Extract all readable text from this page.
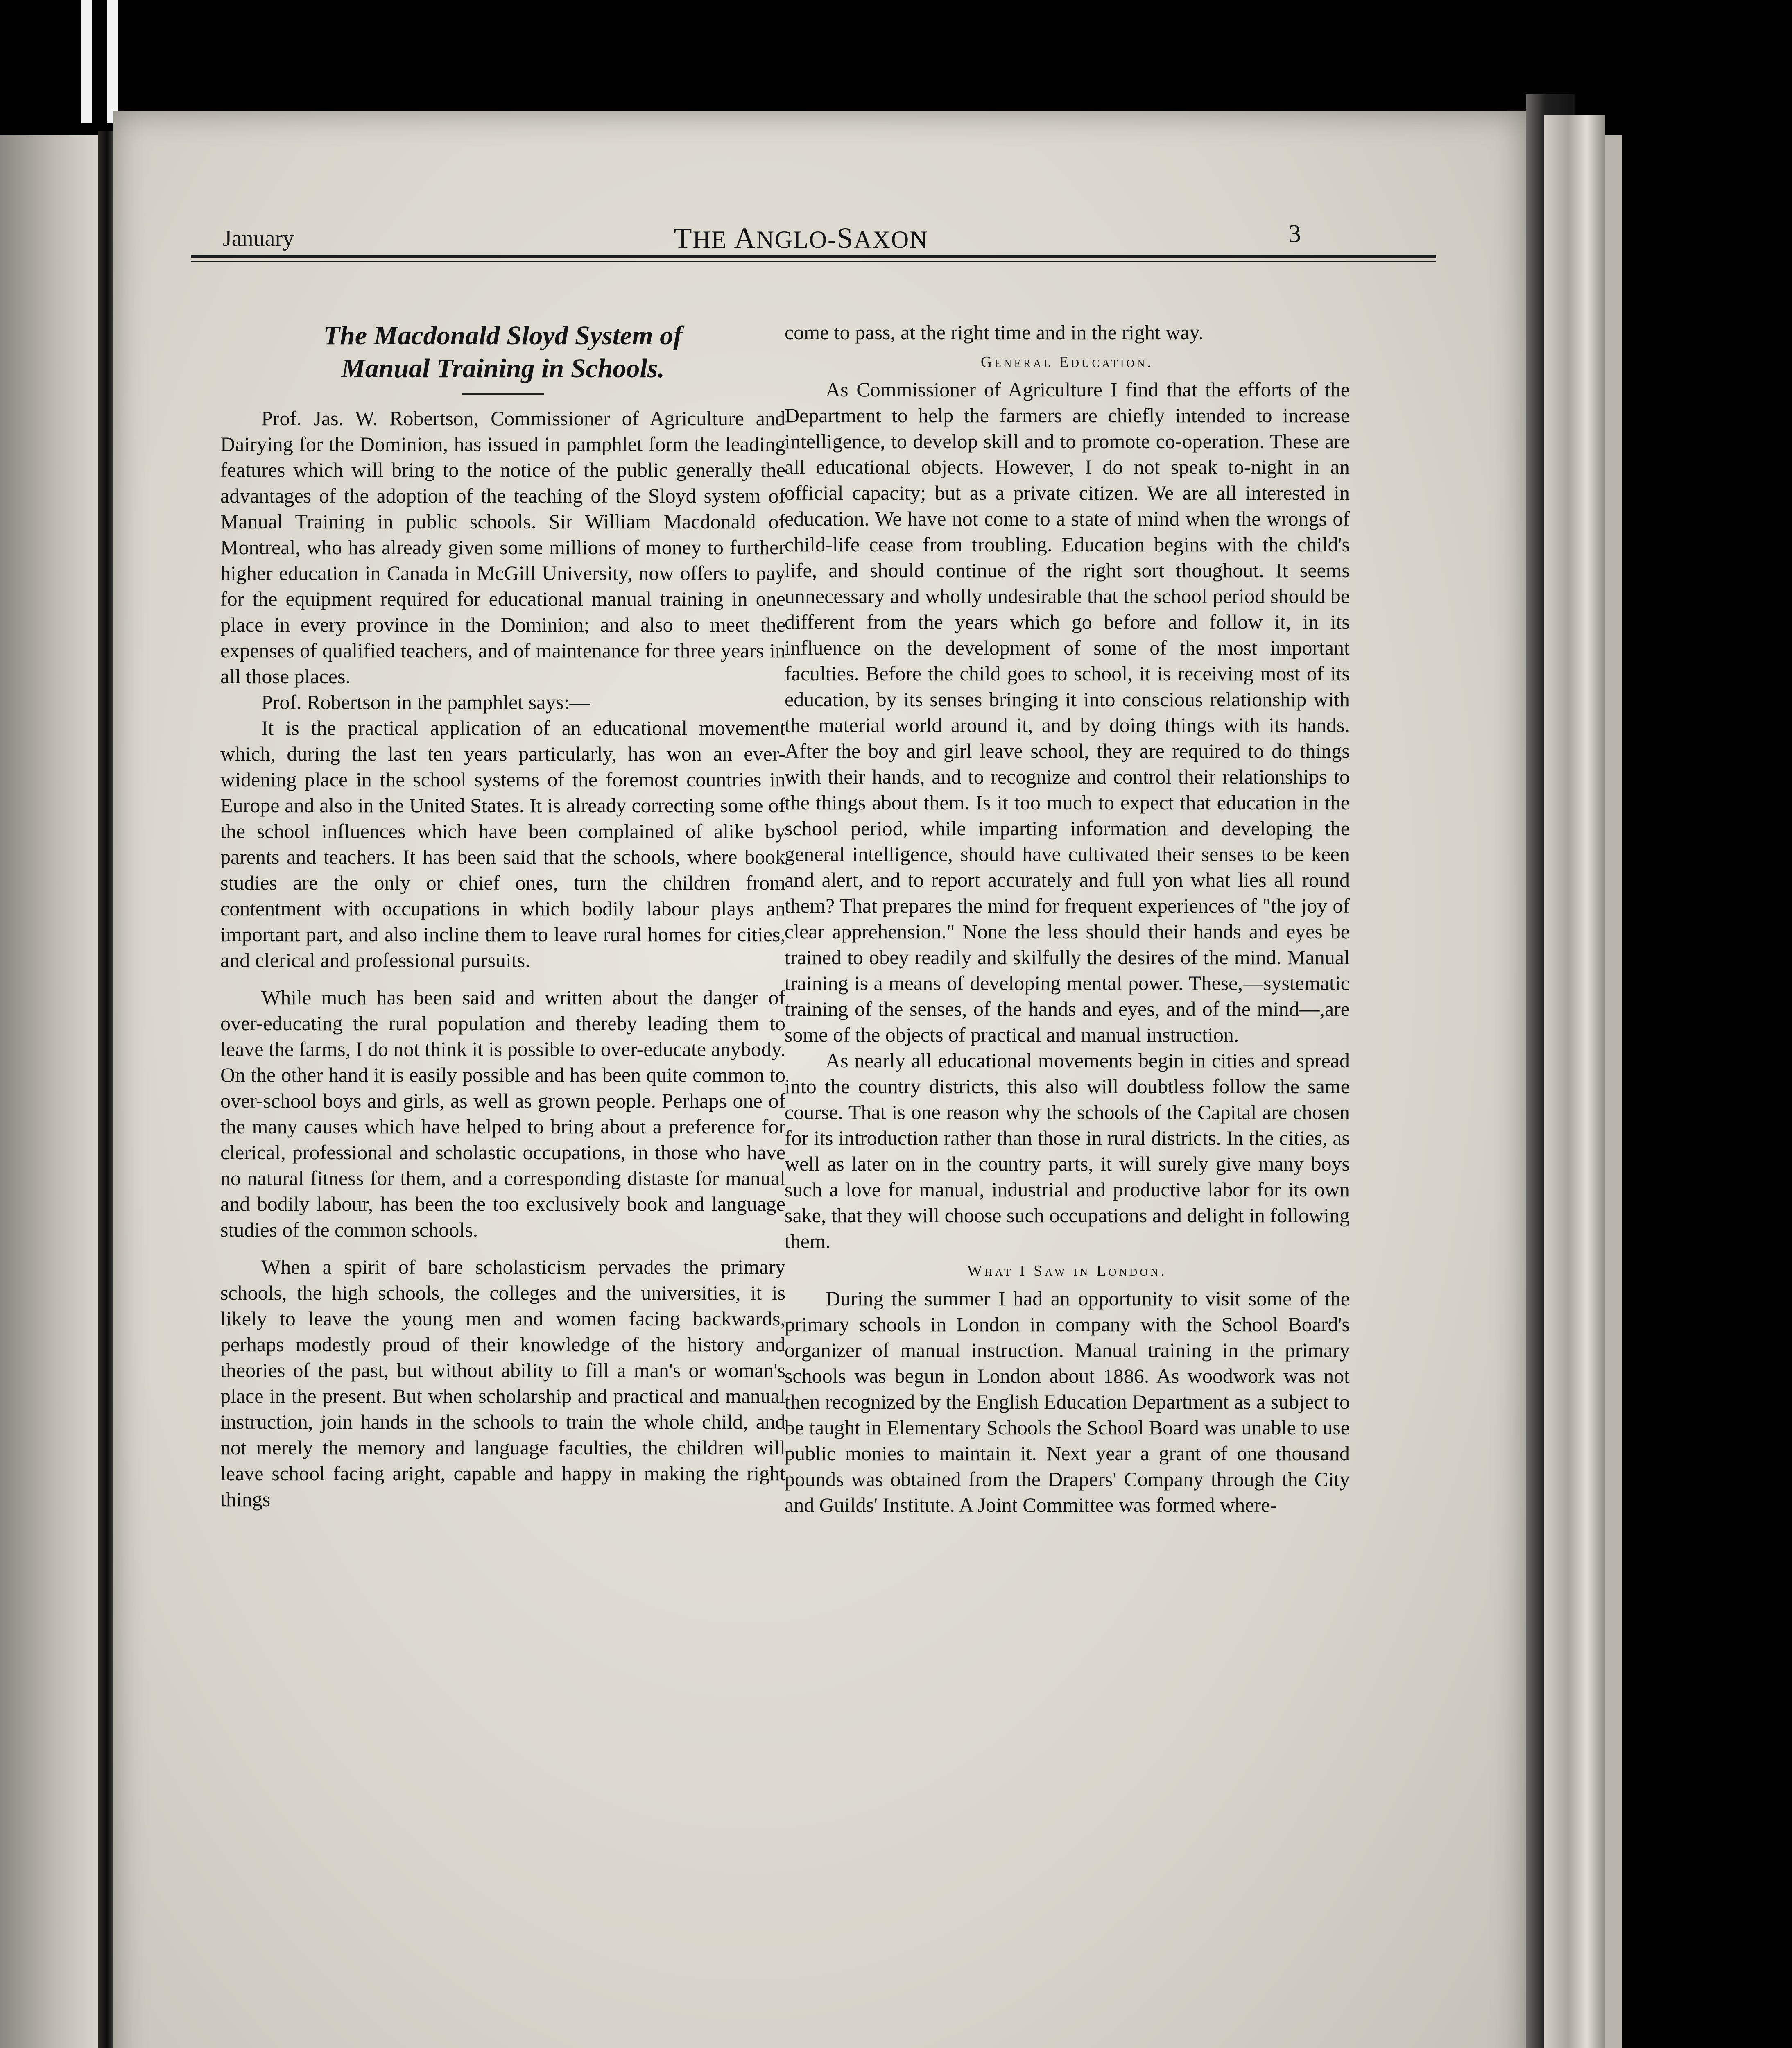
January	THE ANGLO-SAXON	3
The Macdonald Sloyd System of
Manual Training in Schools.

Prof. Jas. W. Robertson, Commissioner of Agriculture and Dairying for the Dominion, has issued in pamphlet form the leading features which will bring to the notice of the public generally the advantages of the adoption of the teaching of the Sloyd system of Manual Training in public schools. Sir William Macdonald of Montreal, who has already given some millions of money to further higher education in Canada in McGill University, now offers to pay for the equipment required for educational manual training in one place in every province in the Dominion; and also to meet the expenses of qualified teachers, and of maintenance for three years in all those places.

Prof. Robertson in the pamphlet says:—

It is the practical application of an educational movement which, during the last ten years particularly, has won an ever-widening place in the school systems of the foremost countries in Europe and also in the United States. It is already correcting some of the school influences which have been complained of alike by parents and teachers. It has been said that the schools, where book studies are the only or chief ones, turn the children from contentment with occupations in which bodily labour plays an important part, and also incline them to leave rural homes for cities, and clerical and professional pursuits.

While much has been said and written about the danger of over-educating the rural population and thereby leading them to leave the farms, I do not think it is possible to over-educate anybody. On the other hand it is easily possible and has been quite common to over-school boys and girls, as well as grown people. Perhaps one of the many causes which have helped to bring about a preference for clerical, professional and scholastic occupations, in those who have no natural fitness for them, and a corresponding distaste for manual and bodily labour, has been the too exclusively book and language studies of the common schools.

When a spirit of bare scholasticism pervades the primary schools, the high schools, the colleges and the universities, it is likely to leave the young men and women facing backwards, perhaps modestly proud of their knowledge of the history and theories of the past, but without ability to fill a man's or woman's place in the present. But when scholarship and practical and manual instruction, join hands in the schools to train the whole child, and not merely the memory and language faculties, the children will leave school facing aright, capable and happy in making the right things

come to pass, at the right time and in the right way.

General Education.

As Commissioner of Agriculture I find that the efforts of the Department to help the farmers are chiefly intended to increase intelligence, to develop skill and to promote co-operation. These are all educational objects. However, I do not speak to-night in an official capacity; but as a private citizen. We are all interested in education. We have not come to a state of mind when the wrongs of child-life cease from troubling. Education begins with the child's life, and should continue of the right sort thoughout. It seems unnecessary and wholly undesirable that the school period should be different from the years which go before and follow it, in its influence on the development of some of the most important faculties. Before the child goes to school, it is receiving most of its education, by its senses bringing it into conscious relationship with the material world around it, and by doing things with its hands. After the boy and girl leave school, they are required to do things with their hands, and to recognize and control their relationships to the things about them. Is it too much to expect that education in the school period, while imparting information and developing the general intelligence, should have cultivated their senses to be keen and alert, and to report accurately and full yon what lies all round them? That prepares the mind for frequent experiences of "the joy of clear apprehension." None the less should their hands and eyes be trained to obey readily and skilfully the desires of the mind. Manual training is a means of developing mental power. These,—systematic training of the senses, of the hands and eyes, and of the mind—,are some of the objects of practical and manual instruction.

As nearly all educational movements begin in cities and spread into the country districts, this also will doubtless follow the same course. That is one reason why the schools of the Capital are chosen for its introduction rather than those in rural districts. In the cities, as well as later on in the country parts, it will surely give many boys such a love for manual, industrial and productive labor for its own sake, that they will choose such occupations and delight in following them.

What I Saw in London.

During the summer I had an opportunity to visit some of the primary schools in London in company with the School Board's organizer of manual instruction. Manual training in the primary schools was begun in London about 1886. As woodwork was not then recognized by the English Education Department as a subject to be taught in Elementary Schools the School Board was unable to use public monies to maintain it. Next year a grant of one thousand pounds was obtained from the Drapers' Company through the City and Guilds' Institute. A Joint Committee was formed where-
